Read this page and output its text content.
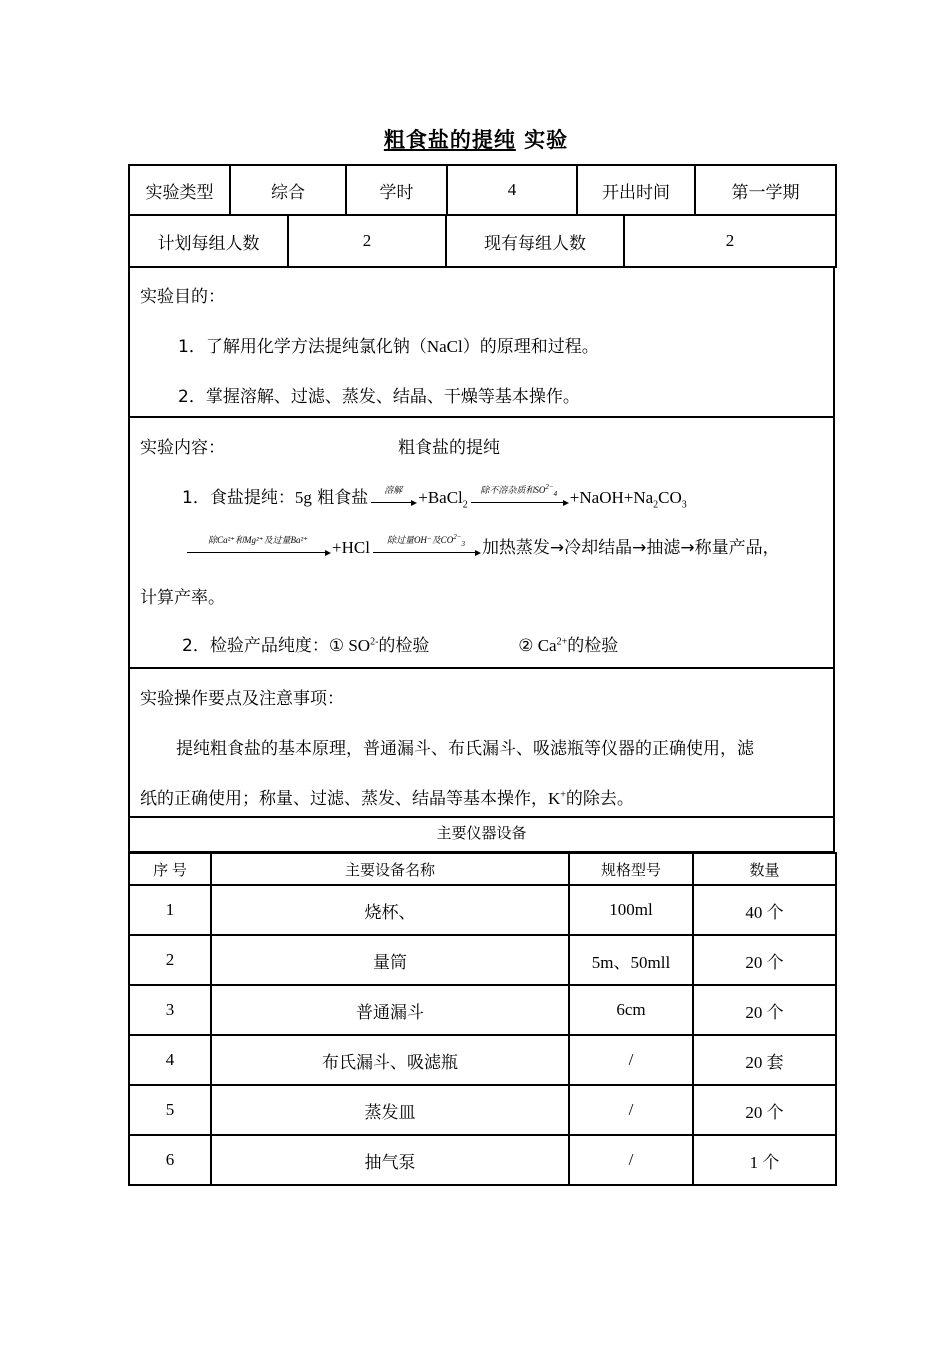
粗食盐的提纯 实验
实验类型	综合	学时	4	开出时间	第一学期
计划每组人数	2	现有每组人数	2
实验目的：
1．了解用化学方法提纯氯化钠（NaCl）的原理和过程。
2．掌握溶解、过滤、蒸发、结晶、干燥等基本操作。
实验内容：	粗食盐的提纯
1．食盐提纯：5g 粗食盐	溶解 +BaCl$_2$
除不溶杂质和$SO^{2-}_4$ $+NaOH+Na_2CO_3$
除Ca²⁺和Mg²⁺及过量Ba²⁺	+HCl	除过量OH⁻及$CO^{2-}_3$	加热蒸发→冷却结晶→抽滤→称量产品，
计算产率。
2．检验产品纯度：① $SO^{2-}$的检验	② $Ca^{2+}$的检验
实验操作要点及注意事项：
提纯粗食盐的基本原理，普通漏斗、布氏漏斗、吸滤瓶等仪器的正确使用，滤
纸的正确使用；称量、过滤、蒸发、结晶等基本操作，K+的除去。
主要仪器设备
序 号	主要设备名称	规格型号	数量
1	烧杯、	100ml	40 个
2	量筒	5m、50mll	20 个
3	普通漏斗	6cm	20 个
4	布氏漏斗、吸滤瓶	/	20 套
5	蒸发皿	/	20 个
6	抽气泵	/	1 个
